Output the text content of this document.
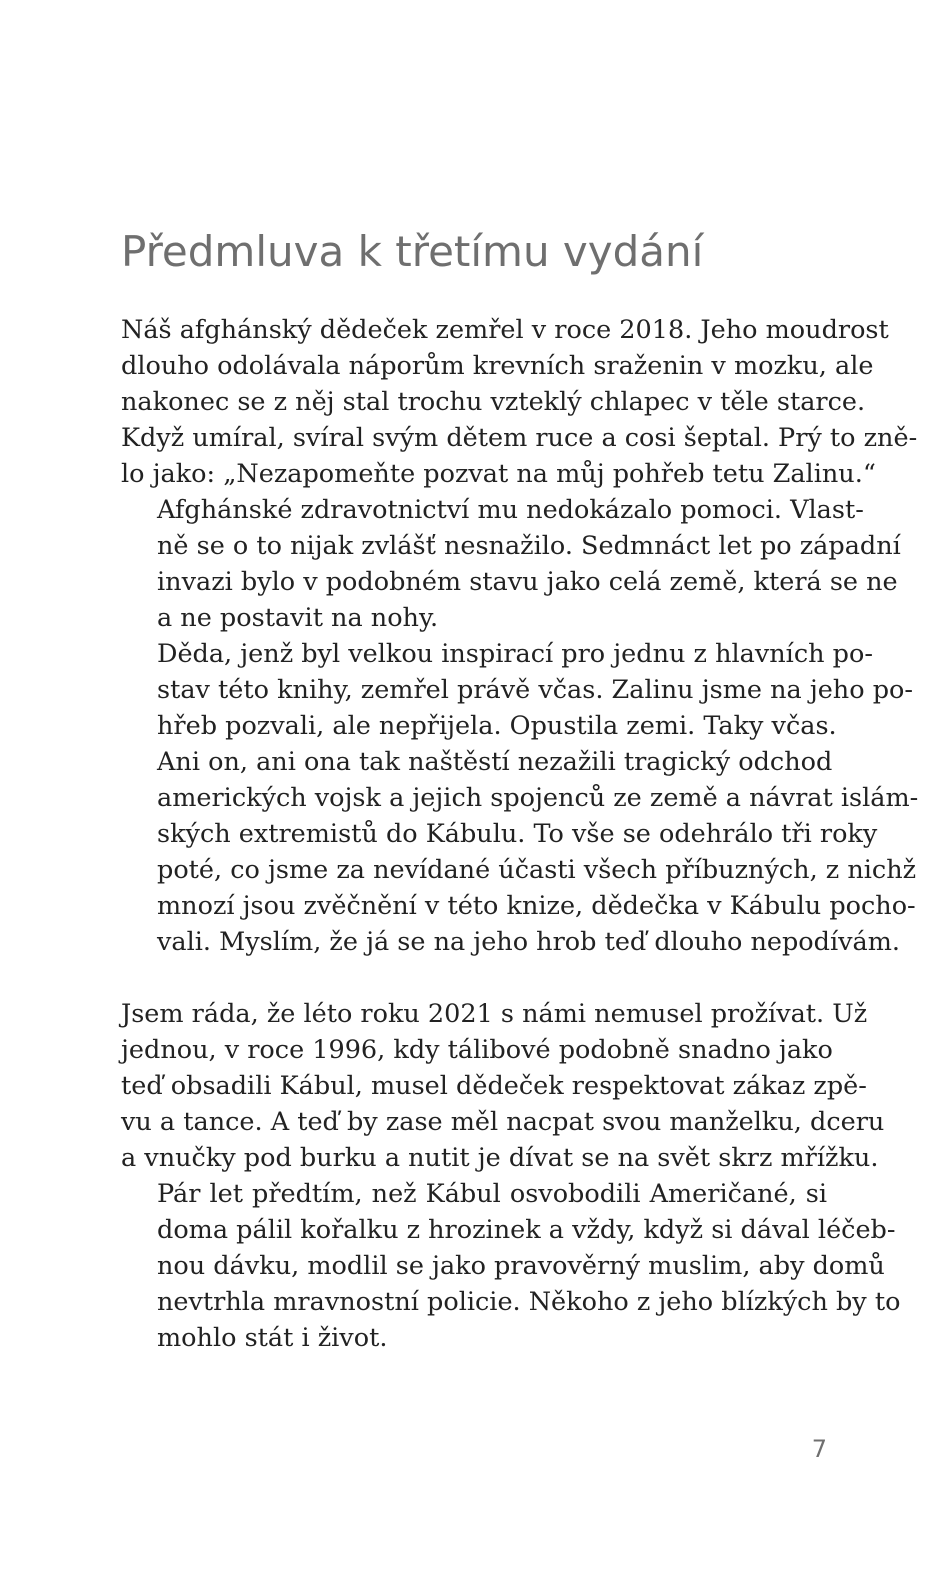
Předmluva k třetímu vydání

Náš afghánský dědeček zemřel v roce 2018. Jeho moudrost
dlouho odolávala náporům krevních sraženin v mozku, ale
nakonec se z něj stal trochu vzteklý chlapec v těle starce.
Když umíral, svíral svým dětem ruce a cosi šeptal. Prý to zně-
lo jako: „Nezapomeňte pozvat na můj pohřeb tetu Zalinu.“

Afghánské zdravotnictví mu nedokázalo pomoci. Vlast-
ně se o to nijak zvlášť nesnažilo. Sedmnáct let po západní
invazi bylo v podobném stavu jako celá země, která se ne
a ne postavit na nohy.

Děda, jenž byl velkou inspirací pro jednu z hlavních po-
stav této knihy, zemřel právě včas. Zalinu jsme na jeho po-
hřeb pozvali, ale nepřijela. Opustila zemi. Taky včas.

Ani on, ani ona tak naštěstí nezažili tragický odchod
amerických vojsk a jejich spojenců ze země a návrat islám-
ských extremistů do Kábulu. To vše se odehrálo tři roky
poté, co jsme za nevídané účasti všech příbuzných, z nichž
mnozí jsou zvěčnění v této knize, dědečka v Kábulu pocho-
vali. Myslím, že já se na jeho hrob teď dlouho nepodívám.

Jsem ráda, že léto roku 2021 s námi nemusel prožívat. Už
jednou, v roce 1996, kdy tálibové podobně snadno jako
teď obsadili Kábul, musel dědeček respektovat zákaz zpě-
vu a tance. A teď by zase měl nacpat svou manželku, dceru
a vnučky pod burku a nutit je dívat se na svět skrz mřížku.

Pár let předtím, než Kábul osvobodili Američané, si
doma pálil kořalku z hrozinek a vždy, když si dával léčeb-
nou dávku, modlil se jako pravověrný muslim, aby domů
nevtrhla mravnostní policie. Někoho z jeho blízkých by to
mohlo stát i život.

7
